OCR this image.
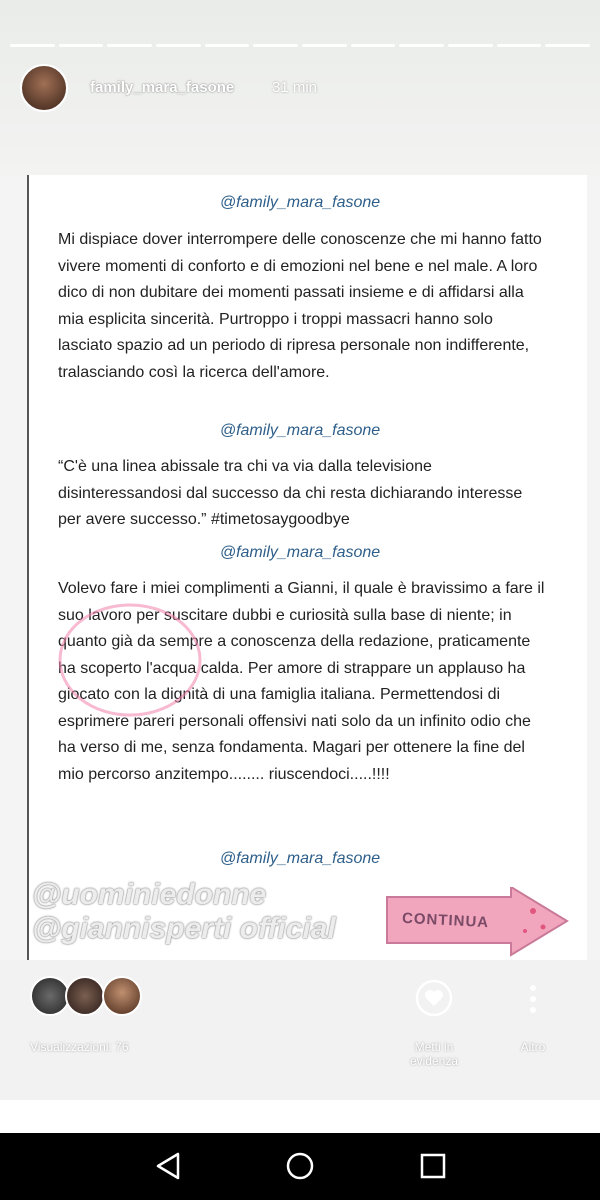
family_mara_fasone	31 min
@family_mara_fasone
Mi dispiace dover interrompere delle conoscenze che mi hanno fatto vivere momenti di conforto e di emozioni nel bene e nel male. A loro dico di non dubitare dei momenti passati insieme e di affidarsi alla mia esplicita sincerità. Purtroppo i troppi massacri hanno solo lasciato spazio ad un periodo di ripresa personale non indifferente, tralasciando così la ricerca dell'amore.
@family_mara_fasone
“C'è una linea abissale tra chi va via dalla televisione disinteressandosi dal successo da chi resta dichiarando interesse per avere successo.” #timetosaygoodbye
@family_mara_fasone
Volevo fare i miei complimenti a Gianni, il quale è bravissimo a fare il suo lavoro per suscitare dubbi e curiosità sulla base di niente; in quanto già da sempre a conoscenza della redazione, praticamente ha scoperto l'acqua calda. Per amore di strappare un applauso ha giocato con la dignità di una famiglia italiana. Permettendosi di esprimere pareri personali offensivi nati solo da un infinito odio che ha verso di me, senza fondamenta. Magari per ottenere la fine del mio percorso anzitempo........ riuscendoci.....!!!!
@family_mara_fasone
@uominiedonne
@giannisperti official	CONTINUA
Visualizzazioni: 76	Metti in
evidenza
Altro
